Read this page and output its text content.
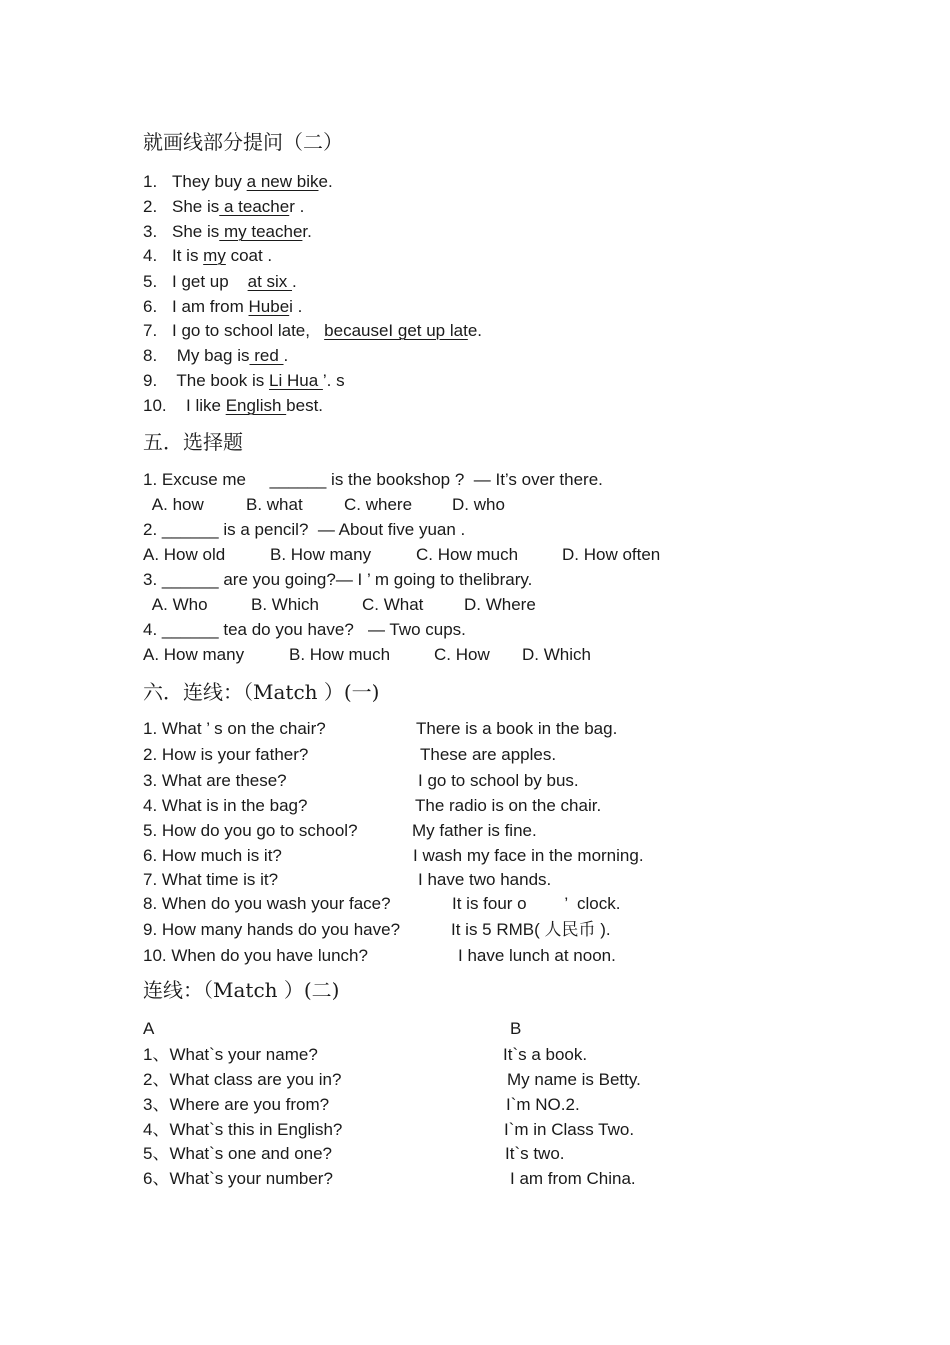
就画线部分提问（二）
1. They buy a new bike.
2. She is a teacher .
3. She is my teacher.
4. It is my coat .
5. I get up    at six .
6. I am from Hubei .
7. I go to school late,   becauseI get up late.
8. My bag is red .
9. The book is Li Hua ’. s
10. I like English best.
五．选择题
1. Excuse me     ______ is the bookshop ?  — It’s over there.
A. how B. what C. where D. who
2. ______ is a pencil?  — About five yuan .
A. How old	B. How many	C. How much	D. How often
3. ______ are you going?— I ’ m going to thelibrary.
A. Who	B. Which	C. What D. Where
4. ______ tea do you have?   — Two cups.
A. How many	B. How much	C. How D. Which
六．连线：（Match ）(一)
1. What ’ s on the chair?	There is a book in the bag.
2. How is your father?	These are apples.
3. What are these?	I go to school by bus.
4. What is in the bag?	The radio is on the chair.
5. How do you go to school?	My father is fine.
6. How much is it?	I wash my face in the morning.
7. What time is it?	I have two hands.
8. When do you wash your face?	It is four o        ’  clock.
9. How many hands do you have?	It is 5 RMB( 人民币 ).
10. When do you have lunch?	I have lunch at noon.
连线：（Match ）(二)
A	B
1、What`s your name?	It`s a book.
2、What class are you in?	My name is Betty.
3、Where are you from?	I`m NO.2.
4、What`s this in English?	I`m in Class Two.
5、What`s one and one?	It`s two.
6、What`s your number?	I am from China.
